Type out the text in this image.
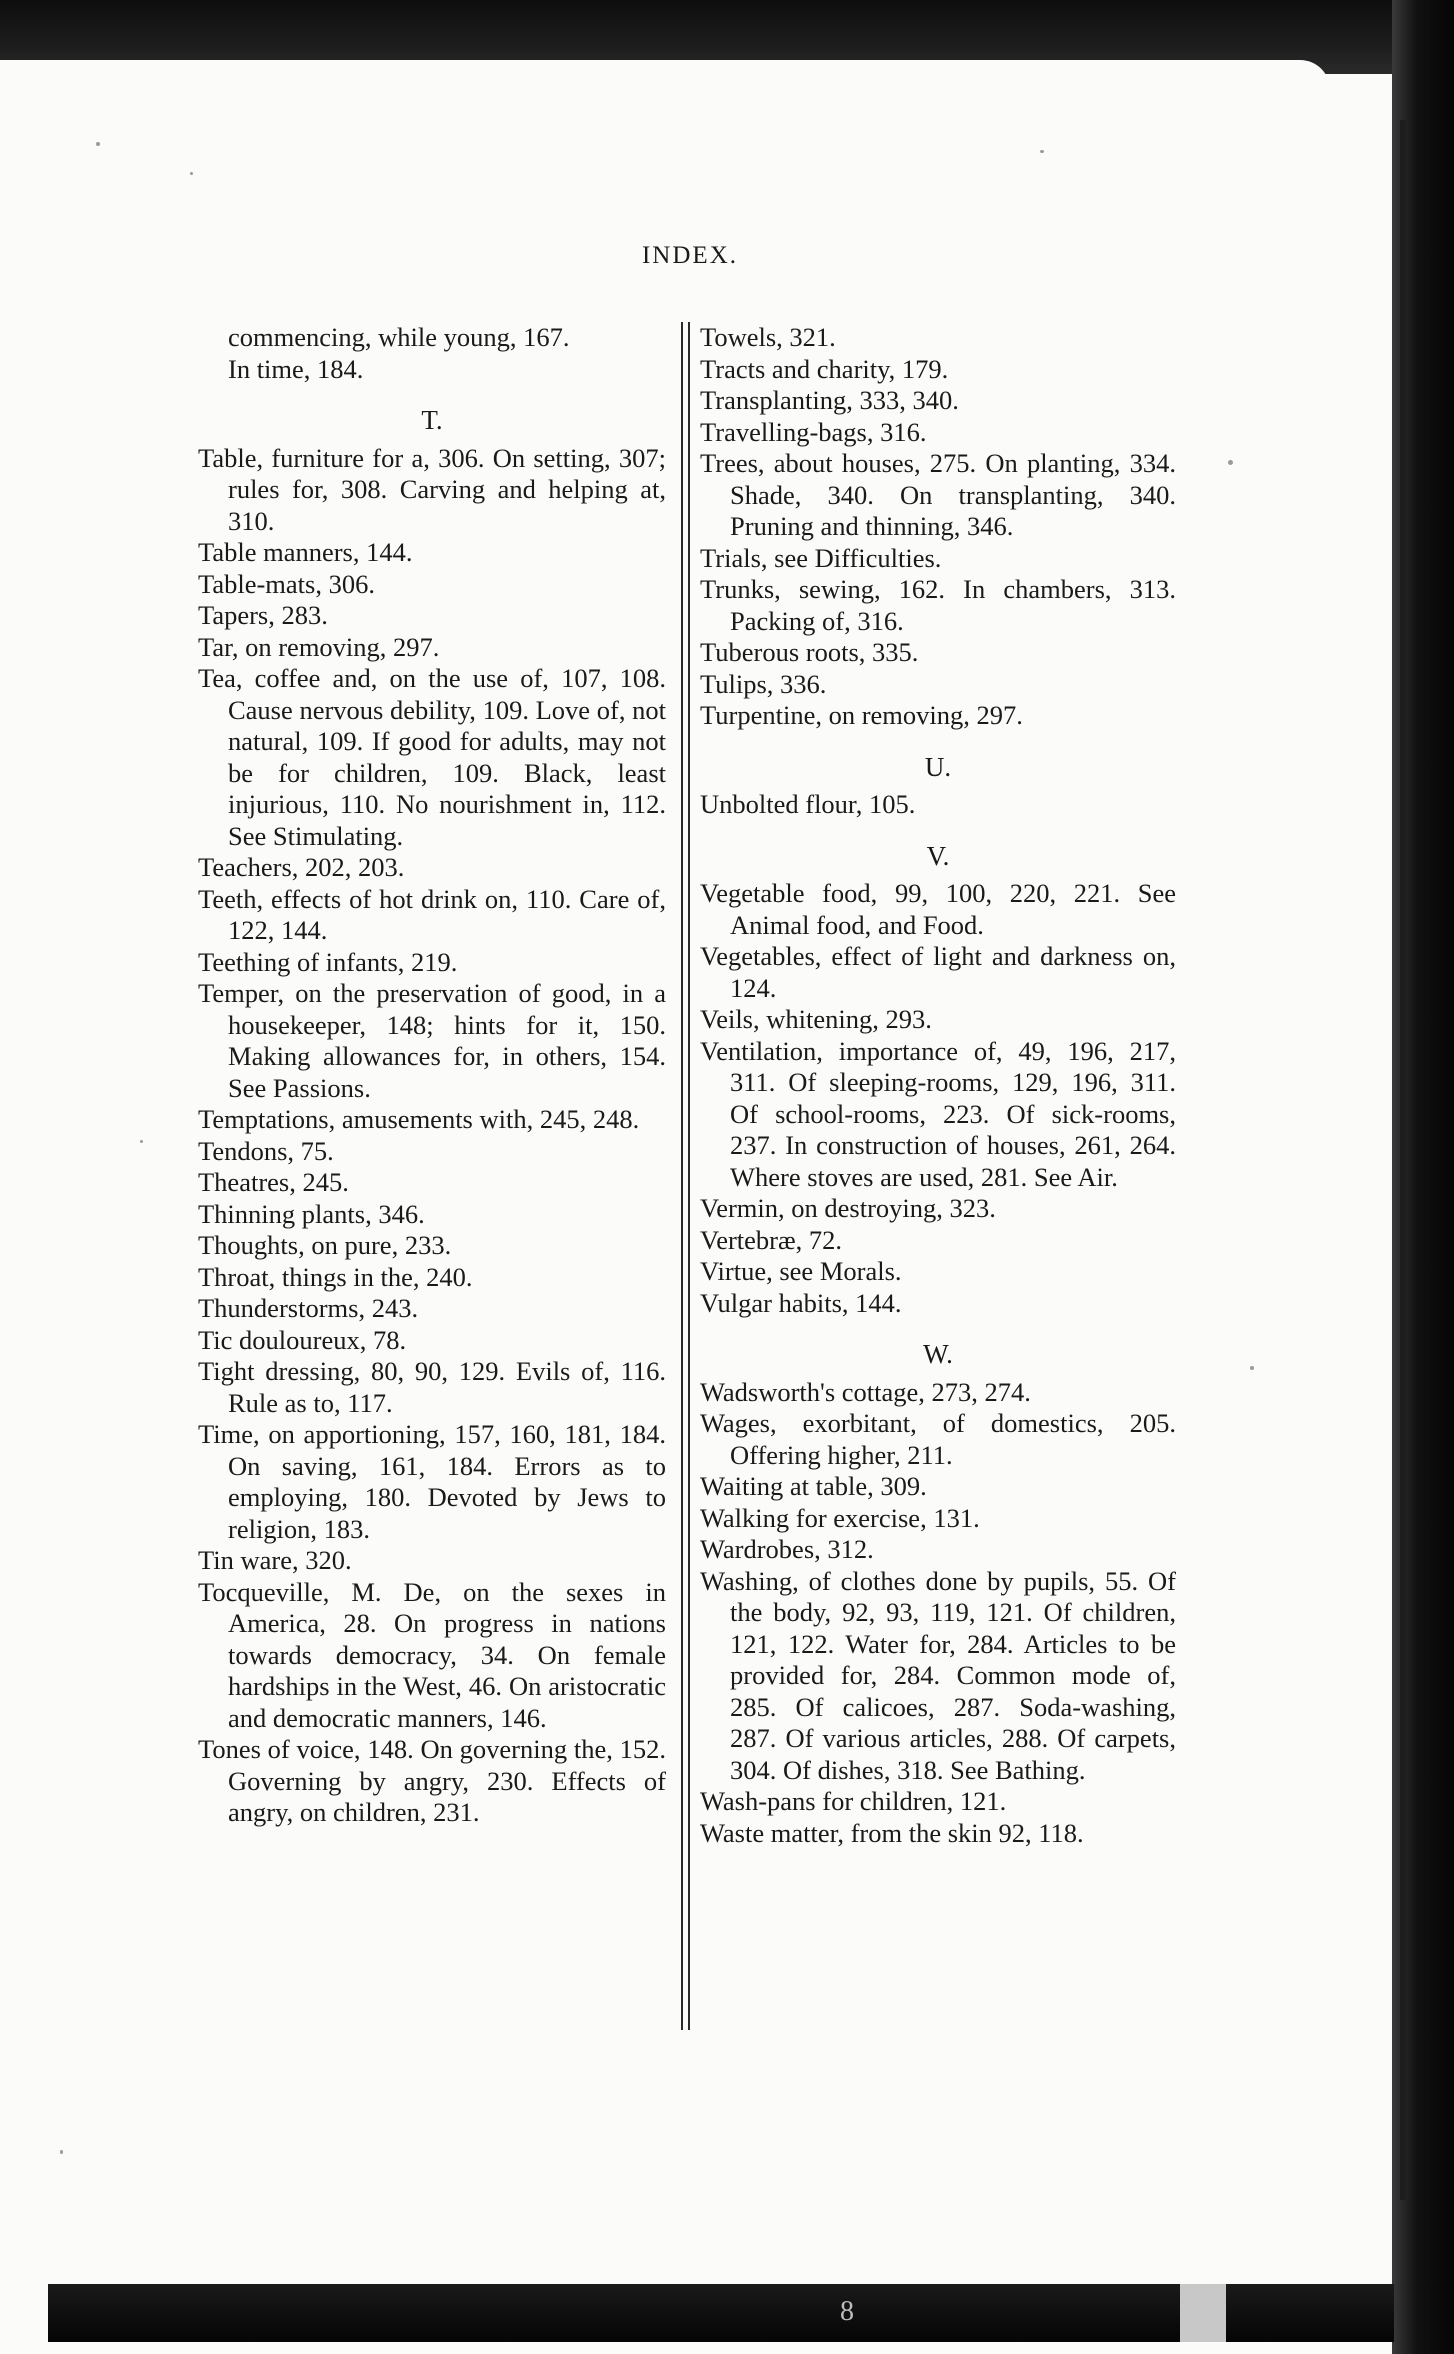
INDEX.
commencing, while young, 167.
In time, 184.
T.
Table, furniture for a, 306. On setting, 307; rules for, 308. Carving and helping at, 310.
Table manners, 144.
Table-mats, 306.
Tapers, 283.
Tar, on removing, 297.
Tea, coffee and, on the use of, 107, 108. Cause nervous debility, 109. Love of, not natural, 109. If good for adults, may not be for children, 109. Black, least injurious, 110. No nourishment in, 112. See Stimulating.
Teachers, 202, 203.
Teeth, effects of hot drink on, 110. Care of, 122, 144.
Teething of infants, 219.
Temper, on the preservation of good, in a housekeeper, 148; hints for it, 150. Making allowances for, in others, 154. See Passions.
Temptations, amusements with, 245, 248.
Tendons, 75.
Theatres, 245.
Thinning plants, 346.
Thoughts, on pure, 233.
Throat, things in the, 240.
Thunderstorms, 243.
Tic douloureux, 78.
Tight dressing, 80, 90, 129. Evils of, 116. Rule as to, 117.
Time, on apportioning, 157, 160, 181, 184. On saving, 161, 184. Errors as to employing, 180. Devoted by Jews to religion, 183.
Tin ware, 320.
Tocqueville, M. De, on the sexes in America, 28. On progress in nations towards democracy, 34. On female hardships in the West, 46. On aristocratic and democratic manners, 146.
Tones of voice, 148. On governing the, 152. Governing by angry, 230. Effects of angry, on children, 231.
Towels, 321.
Tracts and charity, 179.
Transplanting, 333, 340.
Travelling-bags, 316.
Trees, about houses, 275. On planting, 334. Shade, 340. On transplanting, 340. Pruning and thinning, 346.
Trials, see Difficulties.
Trunks, sewing, 162. In chambers, 313. Packing of, 316.
Tuberous roots, 335.
Tulips, 336.
Turpentine, on removing, 297.
U.
Unbolted flour, 105.
V.
Vegetable food, 99, 100, 220, 221. See Animal food, and Food.
Vegetables, effect of light and darkness on, 124.
Veils, whitening, 293.
Ventilation, importance of, 49, 196, 217, 311. Of sleeping-rooms, 129, 196, 311. Of school-rooms, 223. Of sick-rooms, 237. In construction of houses, 261, 264. Where stoves are used, 281. See Air.
Vermin, on destroying, 323.
Vertebræ, 72.
Virtue, see Morals.
Vulgar habits, 144.
W.
Wadsworth's cottage, 273, 274.
Wages, exorbitant, of domestics, 205. Offering higher, 211.
Waiting at table, 309.
Walking for exercise, 131.
Wardrobes, 312.
Washing, of clothes done by pupils, 55. Of the body, 92, 93, 119, 121. Of children, 121, 122. Water for, 284. Articles to be provided for, 284. Common mode of, 285. Of calicoes, 287. Soda-washing, 287. Of various articles, 288. Of carpets, 304. Of dishes, 318. See Bathing.
Wash-pans for children, 121.
Waste matter, from the skin 92, 118.
8
